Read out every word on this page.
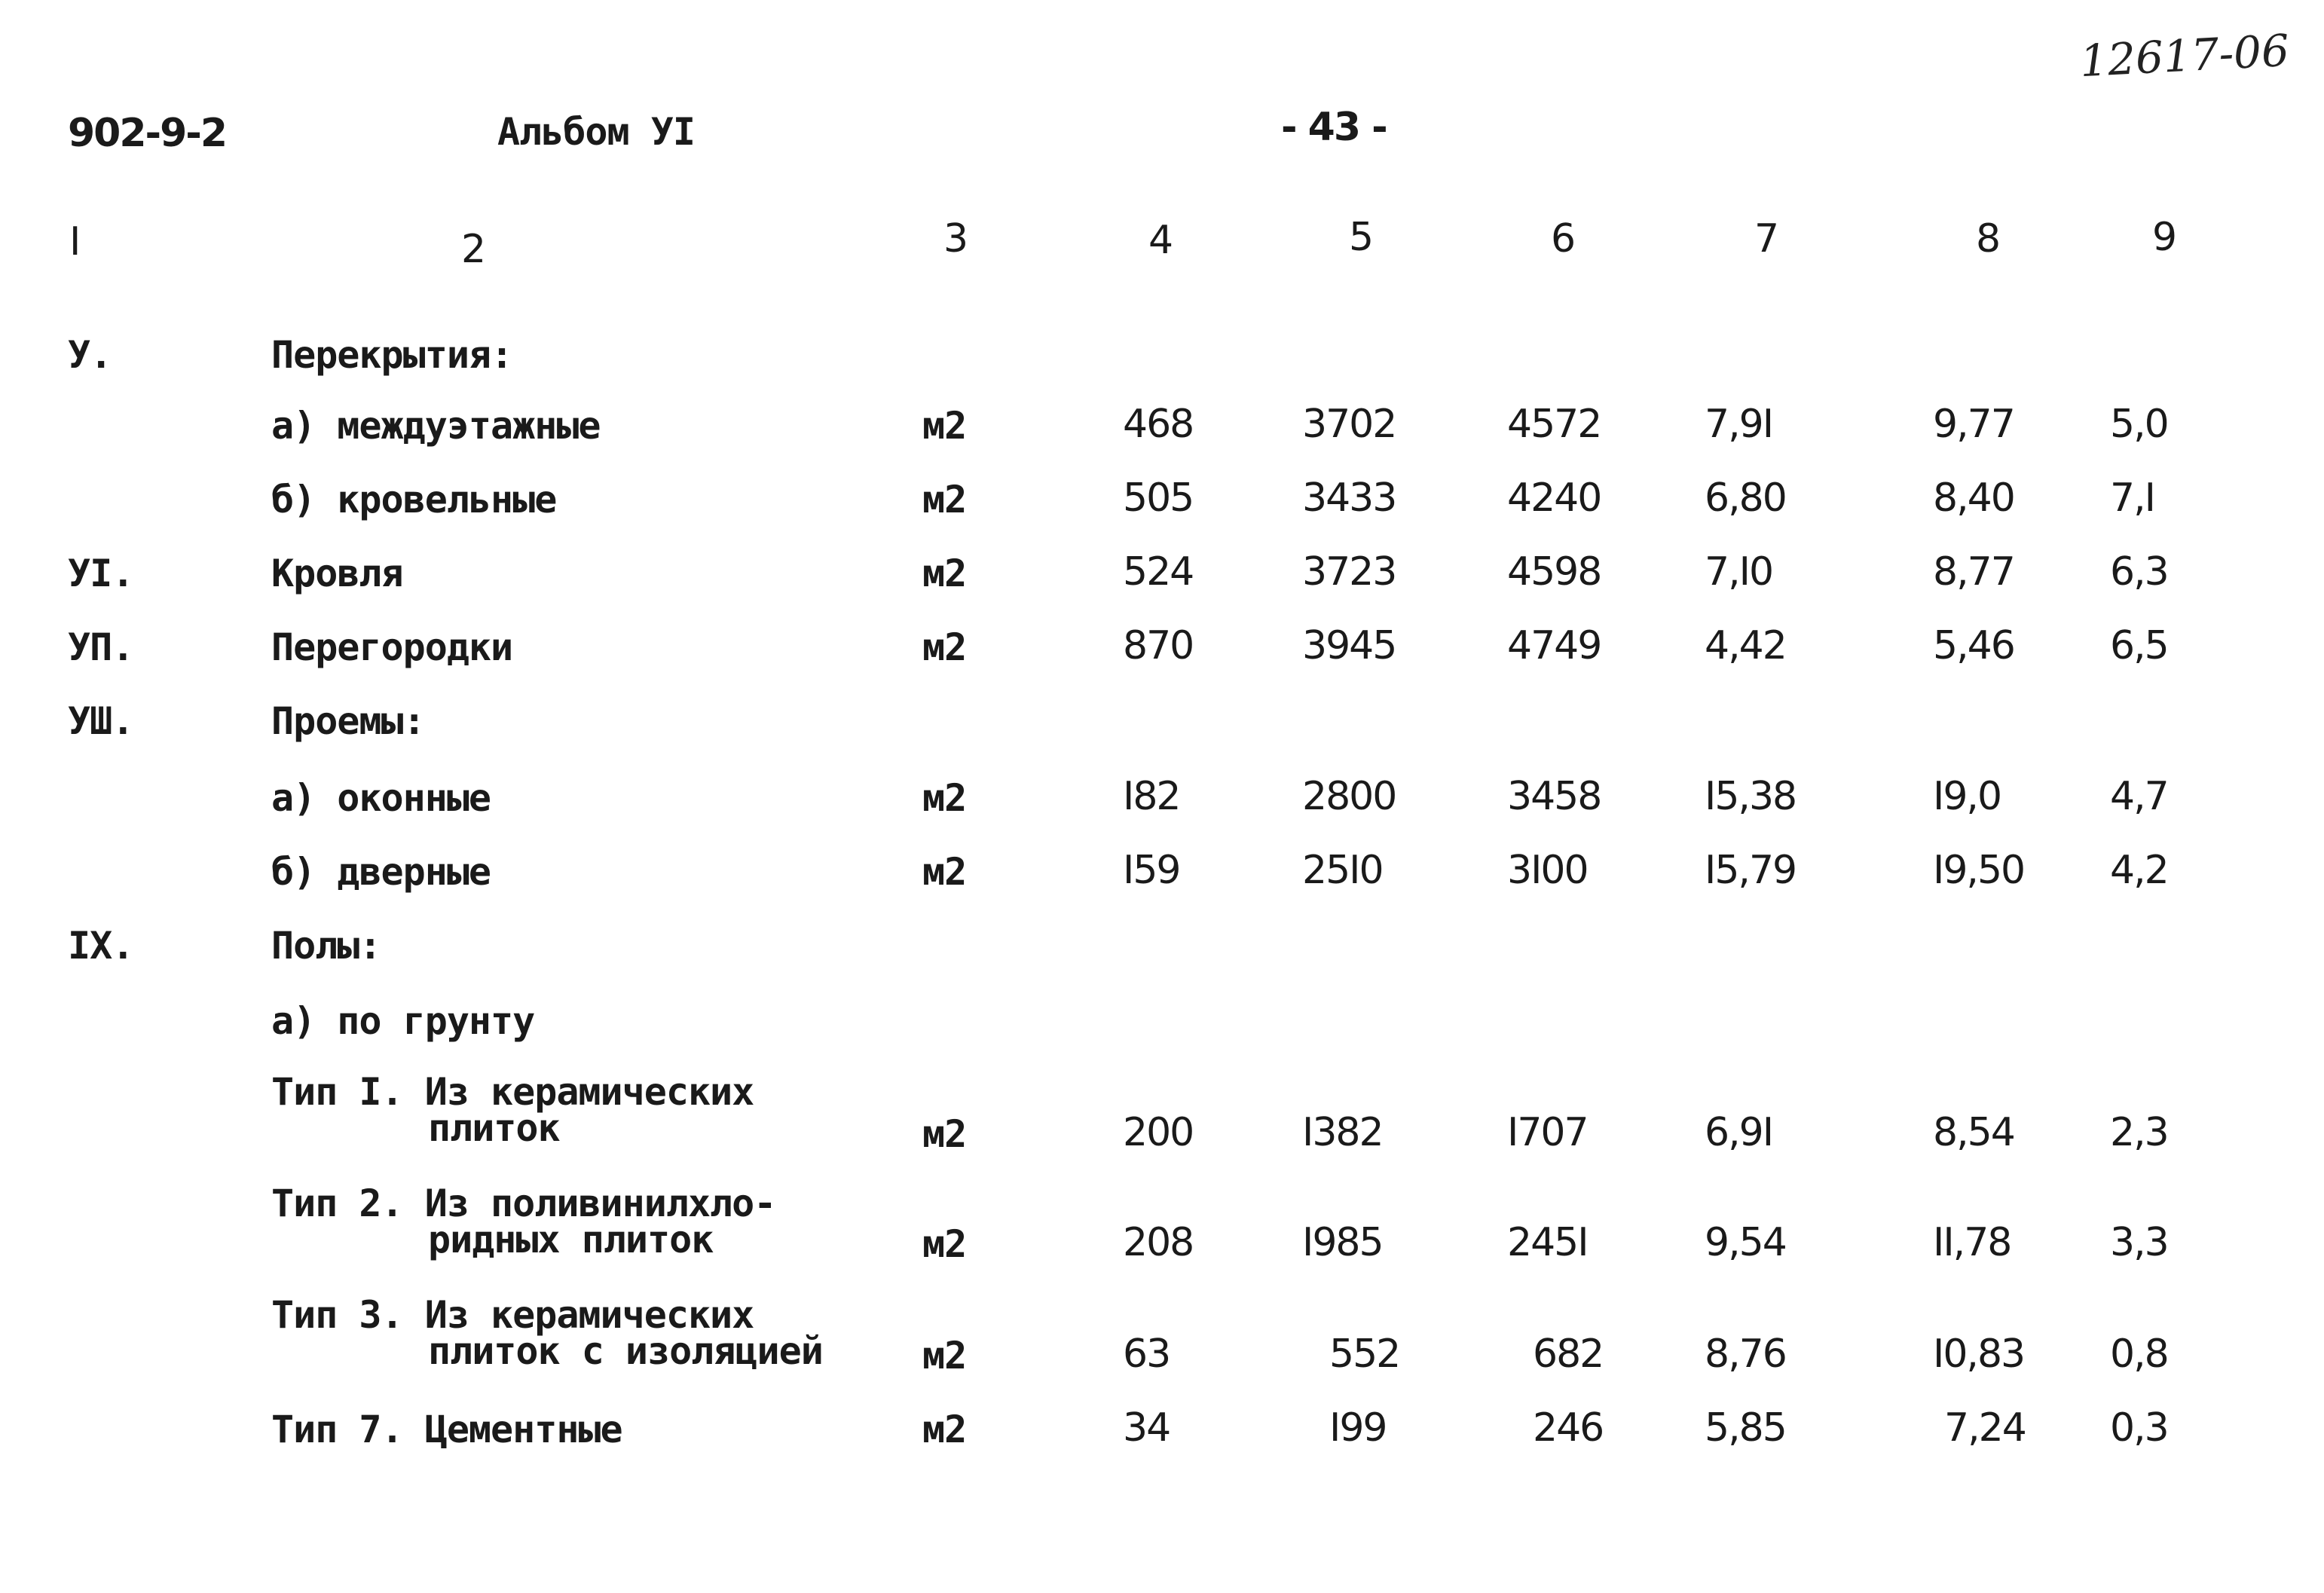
12617-06
902-9-2	Альбом УI	- 43 -
I	2	3	4	5	6	7	8	9
У.	Перекрытия:
а) междуэтажные	м2	468	3702	4572	7,9I	9,77 5,0
б) кровельные	м2	505	3433	4240	6,80	8,40 7,I
УI.	Кровля	м2	524	3723	4598	7,I0	8,77 6,3
УП.	Перегородки	м2	870	3945	4749	4,42	5,46 6,5
УШ.	Проемы:
а) оконные	м2	I82	2800	3458	I5,38	I9,0	4,7
б) дверные	м2	I59	25I0	3I00	I5,79	I9,50 4,2
IX.	Полы:
а) по грунту
Тип I. Из керамических
плиток	м2	200	I382	I707	6,9I	8,54 2,3
Тип 2. Из поливинилхло-
ридных плиток	м2	208	I985	245I	9,54	II,78	3,3
Тип 3. Из керамических
плиток с изоляцией	м2	63	552	682	8,76	I0,83 0,8
Тип 7. Цементные	м2	34	I99	246	5,85	7,24 0,3
